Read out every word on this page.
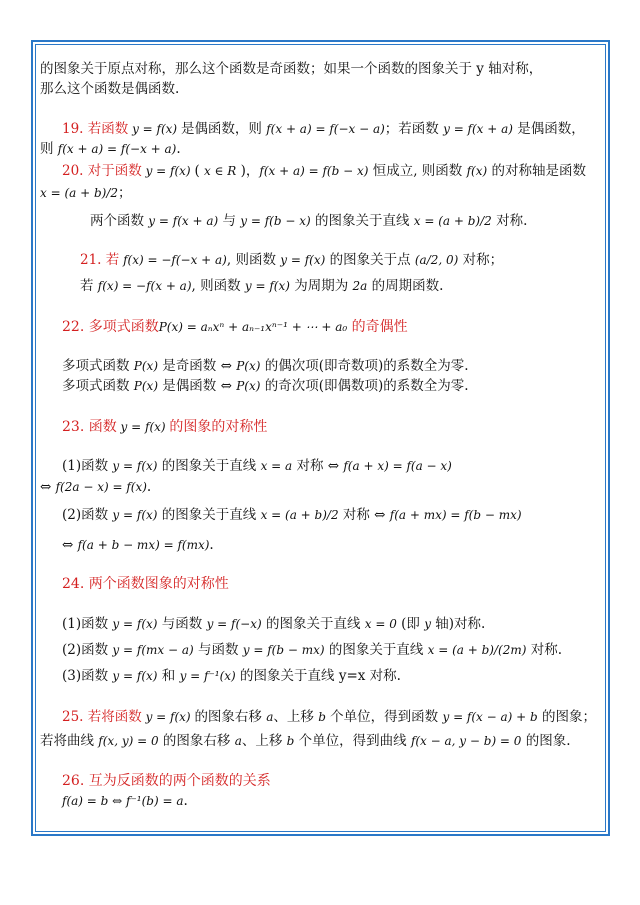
的图象关于原点对称，那么这个函数是奇函数；如果一个函数的图象关于 y 轴对称，
那么这个函数是偶函数.
19. 若函数 y = f(x) 是偶函数，则 f(x + a) = f(−x − a)；若函数 y = f(x + a) 是偶函数，
则 f(x + a) = f(−x + a).
20. 对于函数 y = f(x) ( x ∈ R )，f(x + a) = f(b − x) 恒成立, 则函数 f(x) 的对称轴是函数
x = (a + b)/2；
两个函数 y = f(x + a) 与 y = f(b − x) 的图象关于直线 x = (a + b)/2 对称.
21. 若 f(x) = −f(−x + a), 则函数 y = f(x) 的图象关于点 (a/2, 0) 对称；
若 f(x) = −f(x + a), 则函数 y = f(x) 为周期为 2a 的周期函数.
22. 多项式函数P(x) = aₙxⁿ + aₙ₋₁xⁿ⁻¹ + ⋯ + a₀ 的奇偶性
多项式函数 P(x) 是奇函数 ⇔ P(x) 的偶次项(即奇数项)的系数全为零.
多项式函数 P(x) 是偶函数 ⇔ P(x) 的奇次项(即偶数项)的系数全为零.
23. 函数 y = f(x) 的图象的对称性
(1)函数 y = f(x) 的图象关于直线 x = a 对称 ⇔ f(a + x) = f(a − x)
⇔ f(2a − x) = f(x).
(2)函数 y = f(x) 的图象关于直线 x = (a + b)/2 对称 ⇔ f(a + mx) = f(b − mx)
⇔ f(a + b − mx) = f(mx).
24. 两个函数图象的对称性
(1)函数 y = f(x) 与函数 y = f(−x) 的图象关于直线 x = 0 (即 y 轴)对称.
(2)函数 y = f(mx − a) 与函数 y = f(b − mx) 的图象关于直线 x = (a + b)/(2m) 对称.
(3)函数 y = f(x) 和 y = f⁻¹(x) 的图象关于直线 y=x 对称.
25. 若将函数 y = f(x) 的图象右移 a、上移 b 个单位，得到函数 y = f(x − a) + b 的图象；
若将曲线 f(x, y) = 0 的图象右移 a、上移 b 个单位，得到曲线 f(x − a, y − b) = 0 的图象.
26. 互为反函数的两个函数的关系
f(a) = b ⇔ f⁻¹(b) = a.
